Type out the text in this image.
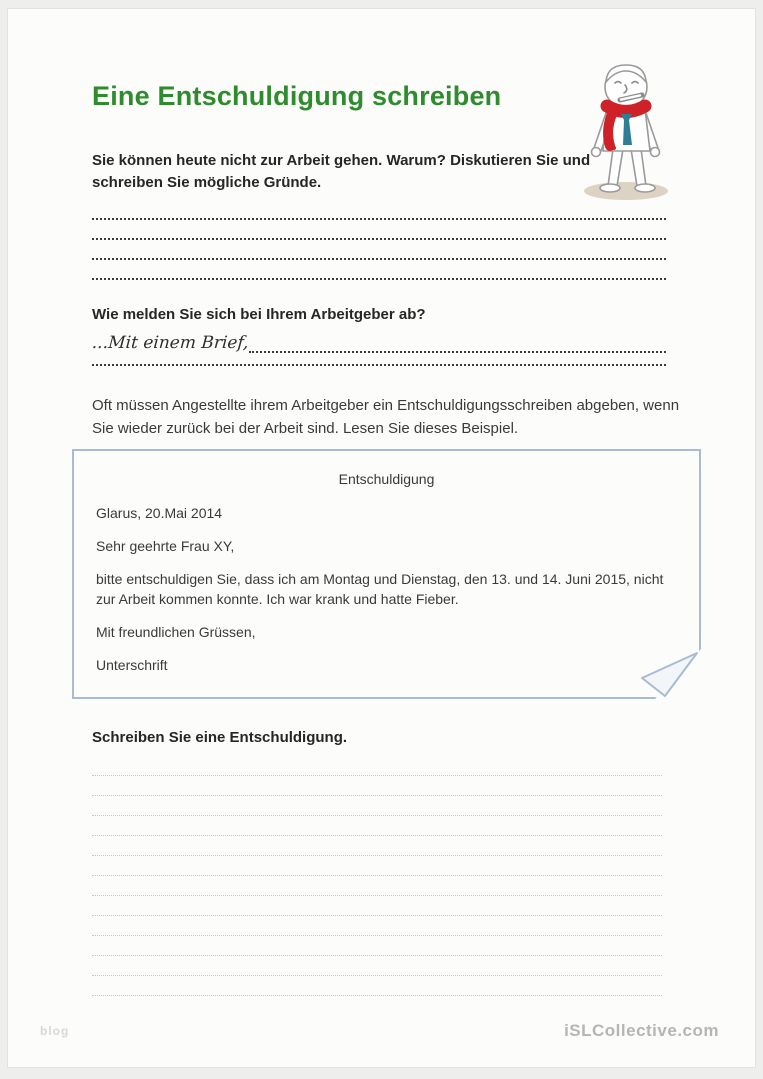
Eine Entschuldigung schreiben

Sie können heute nicht zur Arbeit gehen. Warum? Diskutieren Sie und schreiben Sie mögliche Gründe.

Wie melden Sie sich bei Ihrem Arbeitgeber ab?

...Mit einem Brief,

Oft müssen Angestellte ihrem Arbeitgeber ein Entschuldigungsschreiben abgeben, wenn Sie wieder zurück bei der Arbeit sind. Lesen Sie dieses Beispiel.

Entschuldigung
Glarus, 20.Mai 2014
Sehr geehrte Frau XY,
bitte entschuldigen Sie, dass ich am Montag und Dienstag, den 13. und 14. Juni 2015, nicht zur Arbeit kommen konnte. Ich war krank und hatte Fieber.
Mit freundlichen Grüssen,
Unterschrift

Schreiben Sie eine Entschuldigung.

blog	iSLCollective.com
